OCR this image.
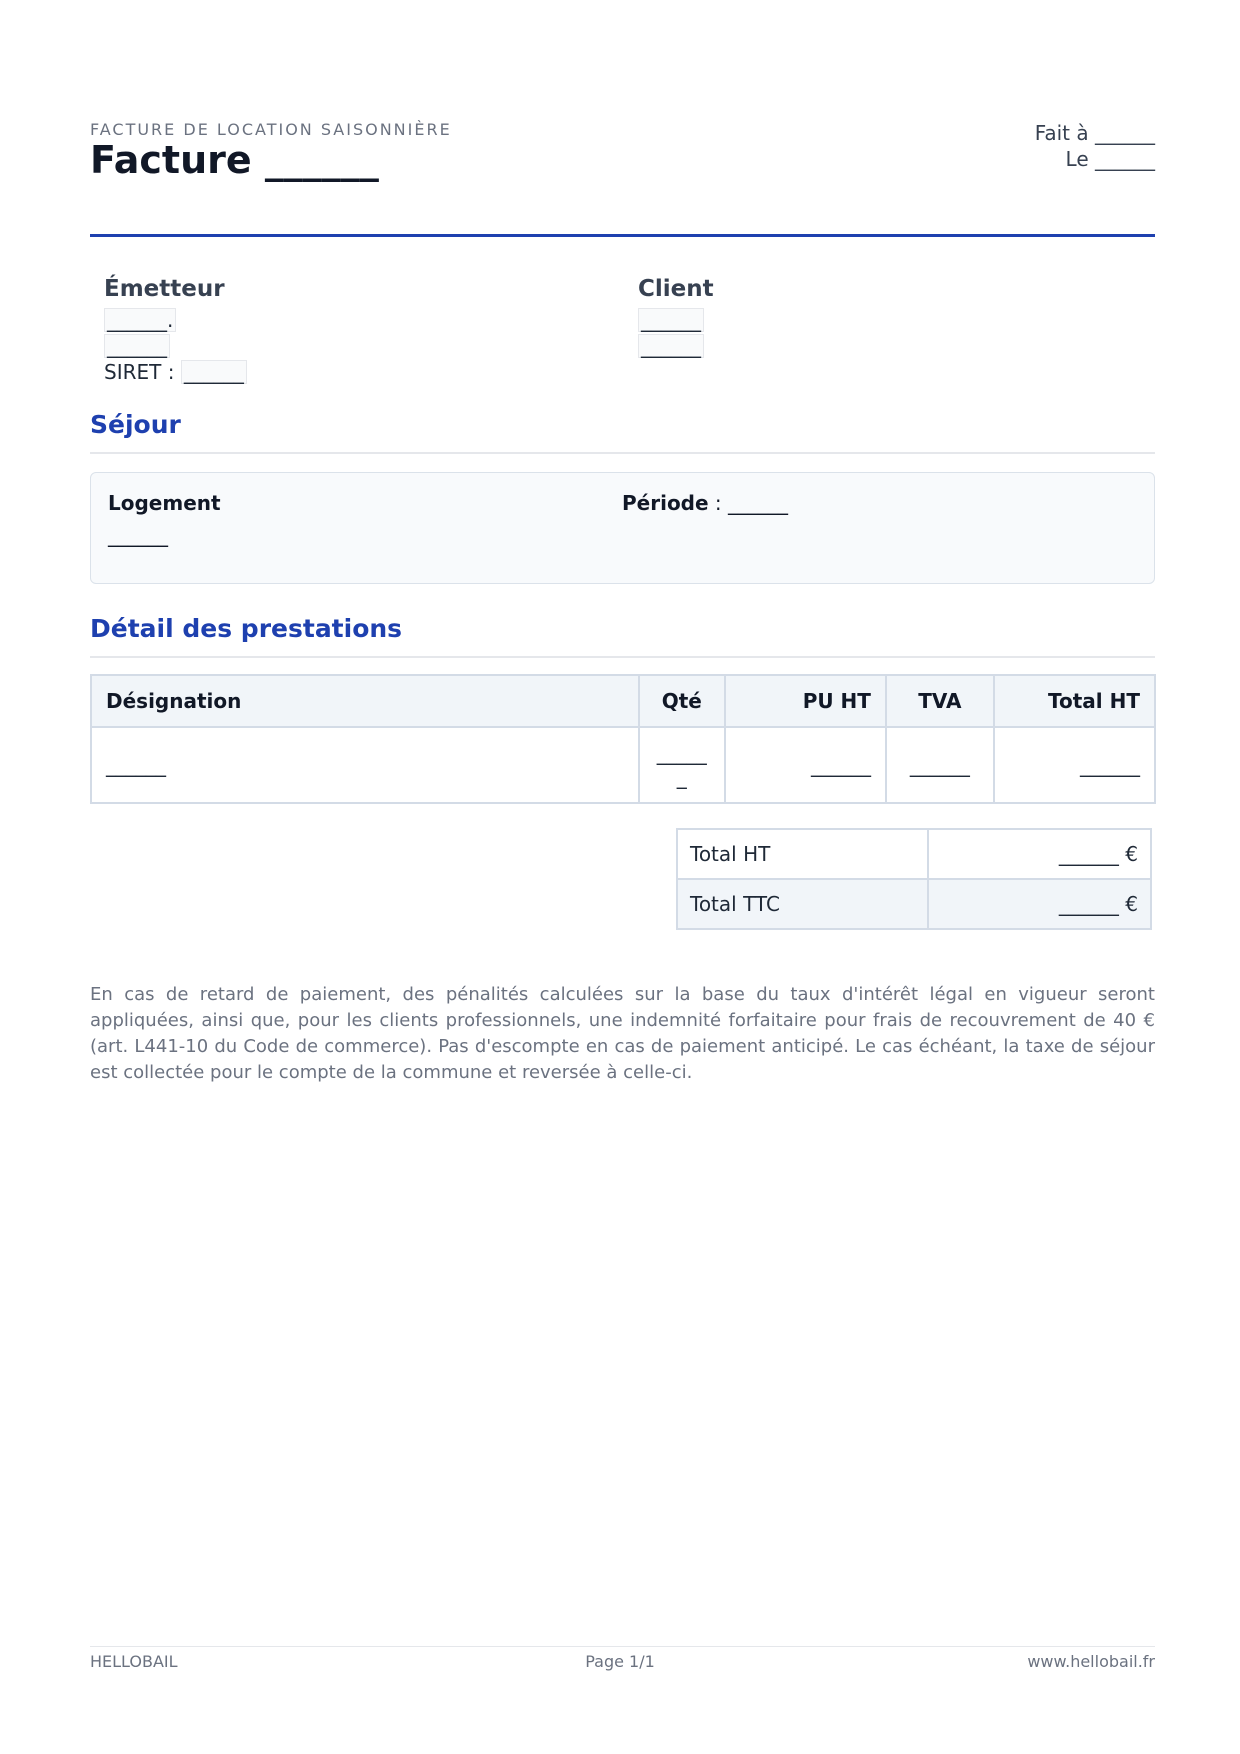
FACTURE DE LOCATION SAISONNIÈRE
Facture ______
Fait à ______
Le ______
Émetteur
______.
______
SIRET : ______
Client
______
______
Séjour
Logement
______
Période : ______
Détail des prestations
Désignation	Qté	PU HT	TVA	Total HT
______	______	______	______	______
Total HT	______ €
Total TTC	______ €
En cas de retard de paiement, des pénalités calculées sur la base du taux d'intérêt légal en vigueur seront appliquées, ainsi que, pour les clients professionnels, une indemnité forfaitaire pour frais de recouvrement de 40 € (art. L441-10 du Code de commerce). Pas d'escompte en cas de paiement anticipé. Le cas échéant, la taxe de séjour est collectée pour le compte de la commune et reversée à celle-ci.
HELLOBAIL	Page 1/1	www.hellobail.fr
